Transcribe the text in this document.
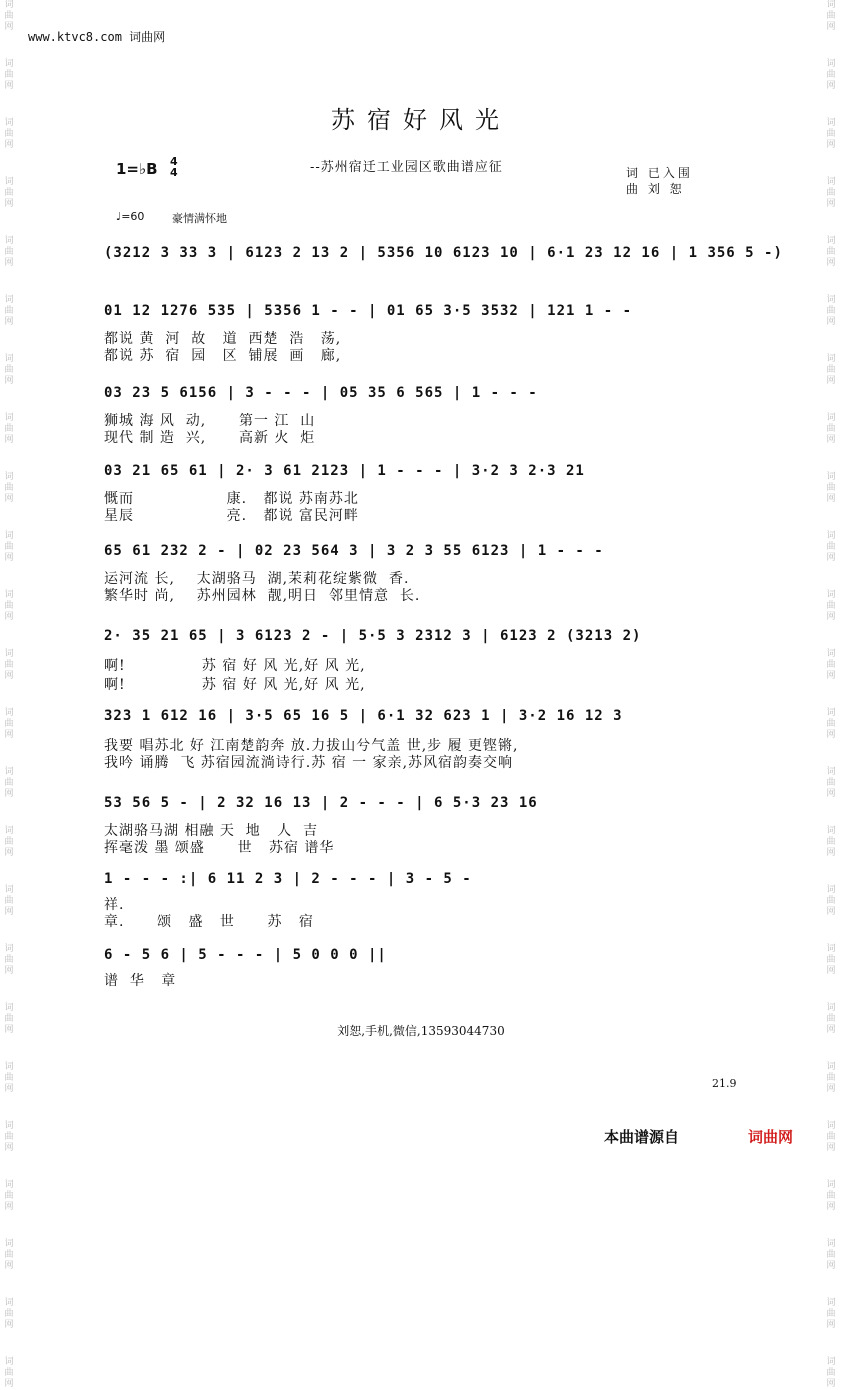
词
曲
网
词
曲
网
词
曲
网
词
曲
网
词
曲
网
词
曲
网
词
曲
网
词
曲
网
词
曲
网
词
曲
网
词
曲
网
词
曲
网
词
曲
网
词
曲
网
词
曲
网
词
曲
网
词
曲
网
词
曲
网
词
曲
网
词
曲
网
词
曲
网
词
曲
网
词
曲
网
词
曲
网
词
曲
网
词
曲
网
词
曲
网
词
曲
网
词
曲
网
词
曲
网
词
曲
网
词
曲
网
词
曲
网
词
曲
网
词
曲
网
词
曲
网
词
曲
网
词
曲
网
词
曲
网
词
曲
网
词
曲
网
词
曲
网
词
曲
网
词
曲
网
词
曲
网
词
曲
网
词
曲
网
词
曲
网
www.ktvc8.com 词曲网
苏宿好风光
--苏州宿迁工业园区歌曲谱应征	词 已入围
曲 刘 恕
1=♭B 4
4
♩=60	豪情满怀地
(3212 3 33 3 | 6123 2 13 2 | 5356 10 6123 10 | 6·1 23 12 16 | 1 356 5 -)
01 12 1276 535 | 5356 1 - - | 01 65 3·5 3532 | 121 1 - -
都说 黄  河  故   道  西楚  浩   荡,
都说 苏  宿  园   区  铺展  画   廊,
03 23 5 6156 | 3 - - - | 05 35 6 565 | 1 - - -
狮城 海 风  动,      第一 江  山
现代 制 造  兴,      高新 火  炬
03 21 65 61 | 2· 3 61 2123 | 1 - - - | 3·2 3 2·3 21
慨而                 康.   都说 苏南苏北
星辰                 亮.   都说 富民河畔
65 61 232 2 - | 02 23 564 3 | 3 2 3 55 6123 | 1 - - -
运河流 长,    太湖骆马  湖,茉莉花绽紫微  香.
繁华时 尚,    苏州园林  靓,明日  邻里情意  长.
2· 35 21 65 | 3 6123 2 - | 5·5 3 2312 3 | 6123 2 (3213 2)
啊!              苏 宿 好 风 光,好 风 光,
啊!              苏 宿 好 风 光,好 风 光,
323 1 612 16 | 3·5 65 16 5 | 6·1 32 623 1 | 3·2 16 12 3
我要 唱苏北 好 江南楚韵奔 放.力拔山兮气盖 世,步 履 更铿锵,
我吟 诵腾  飞 苏宿园流淌诗行.苏 宿 一 家亲,苏风宿韵奏交响
53 56 5 - | 2 32 16 13 | 2 - - - | 6 5·3 23 16
太湖骆马湖 相融 天  地   人  吉
挥毫泼 墨 颂盛      世   苏宿 谱华
1 - - - :| 6 11 2 3 | 2 - - - | 3 - 5 -
祥.
章.      颂   盛   世      苏   宿
6 - 5 6 | 5 - - - | 5 0 0 0 ||
谱  华   章
刘恕,手机,微信,13593044730
21.9
本曲谱源自	词曲网
